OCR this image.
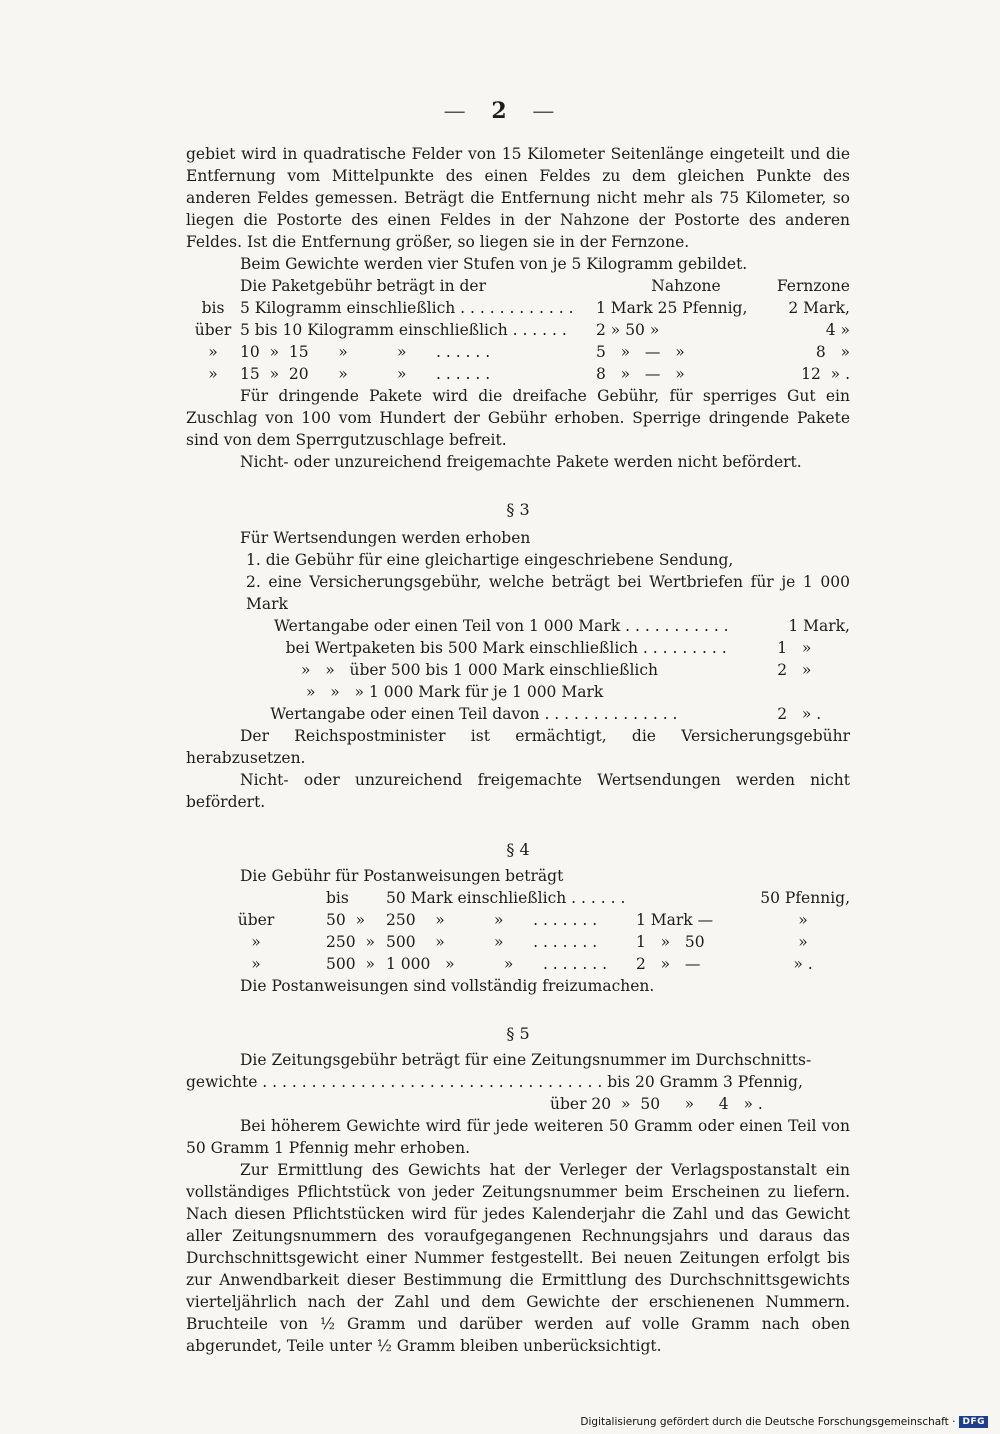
— 2 —

gebiet wird in quadratische Felder von 15 Kilometer Seitenlänge eingeteilt und die Entfernung vom Mittelpunkte des einen Feldes zu dem gleichen Punkte des anderen Feldes gemessen. Beträgt die Entfernung nicht mehr als 75 Kilometer, so liegen die Postorte des einen Feldes in der Nahzone der Postorte des anderen Feldes. Ist die Entfernung größer, so liegen sie in der Fernzone.

Beim Gewichte werden vier Stufen von je 5 Kilogramm gebildet.

Die Paketgebühr beträgt in der	Nahzone	Fernzone
bis	5 Kilogramm einschließlich . . . . . . . . . . . .	1 Mark 25 Pfennig,	2 Mark,
über 5 bis 10 Kilogramm einschließlich . . . . . .	2 » 50 »	4 »
»	10  »  15      »          »      . . . . . .	5   »   —   »	8   »
»	15  »  20      »          »      . . . . . .	8   »   —   »	12  » .

Für dringende Pakete wird die dreifache Gebühr, für sperriges Gut ein Zuschlag von 100 vom Hundert der Gebühr erhoben. Sperrige dringende Pakete sind von dem Sperrgutzuschlage befreit.

Nicht- oder unzureichend freigemachte Pakete werden nicht befördert.

§ 3

Für Wertsendungen werden erhoben

1. die Gebühr für eine gleichartige eingeschriebene Sendung,

2. eine Versicherungsgebühr, welche beträgt bei Wertbriefen für je 1 000 Mark

Wertangabe oder einen Teil von 1 000 Mark . . . . . . . . . . .	1 Mark,
bei Wertpaketen bis 500 Mark einschließlich . . . . . . . . .	1   »
»   »   über 500 bis 1 000 Mark einschließlich	2   »
»   »   » 1 000 Mark für je 1 000 Mark
Wertangabe oder einen Teil davon . . . . . . . . . . . . . .	2   » .

Der Reichspostminister ist ermächtigt, die Versicherungsgebühr herabzusetzen.

Nicht- oder unzureichend freigemachte Wertsendungen werden nicht befördert.

§ 4

Die Gebühr für Postanweisungen beträgt

bis	50 Mark einschließlich . . . . . .	50 Pfennig,
über	50  »	250    »          »      . . . . . . .	1 Mark —	»
»	250  » 500    »          »      . . . . . . .	1   »   50	»
»	500  » 1 000   »          »      . . . . . . .	2   »   —	» .

Die Postanweisungen sind vollständig freizumachen.

§ 5

Die Zeitungsgebühr beträgt für eine Zeitungsnummer im Durchschnitts-

gewichte . . . . . . . . . . . . . . . . . . . . . . . . . . . . . . . . . . . bis 20 Gramm 3 Pfennig,

über 20  »  50     »     4   » .

Bei höherem Gewichte wird für jede weiteren 50 Gramm oder einen Teil von 50 Gramm 1 Pfennig mehr erhoben.

Zur Ermittlung des Gewichts hat der Verleger der Verlagspostanstalt ein vollständiges Pflichtstück von jeder Zeitungsnummer beim Erscheinen zu liefern. Nach diesen Pflichtstücken wird für jedes Kalenderjahr die Zahl und das Gewicht aller Zeitungsnummern des voraufgegangenen Rechnungsjahrs und daraus das Durchschnittsgewicht einer Nummer festgestellt. Bei neuen Zeitungen erfolgt bis zur Anwendbarkeit dieser Bestimmung die Ermittlung des Durchschnittsgewichts vierteljährlich nach der Zahl und dem Gewichte der erschienenen Nummern. Bruchteile von ½ Gramm und darüber werden auf volle Gramm nach oben abgerundet, Teile unter ½ Gramm bleiben unberücksichtigt.

Digitalisierung gefördert durch die Deutsche Forschungsgemeinschaft · DFG
